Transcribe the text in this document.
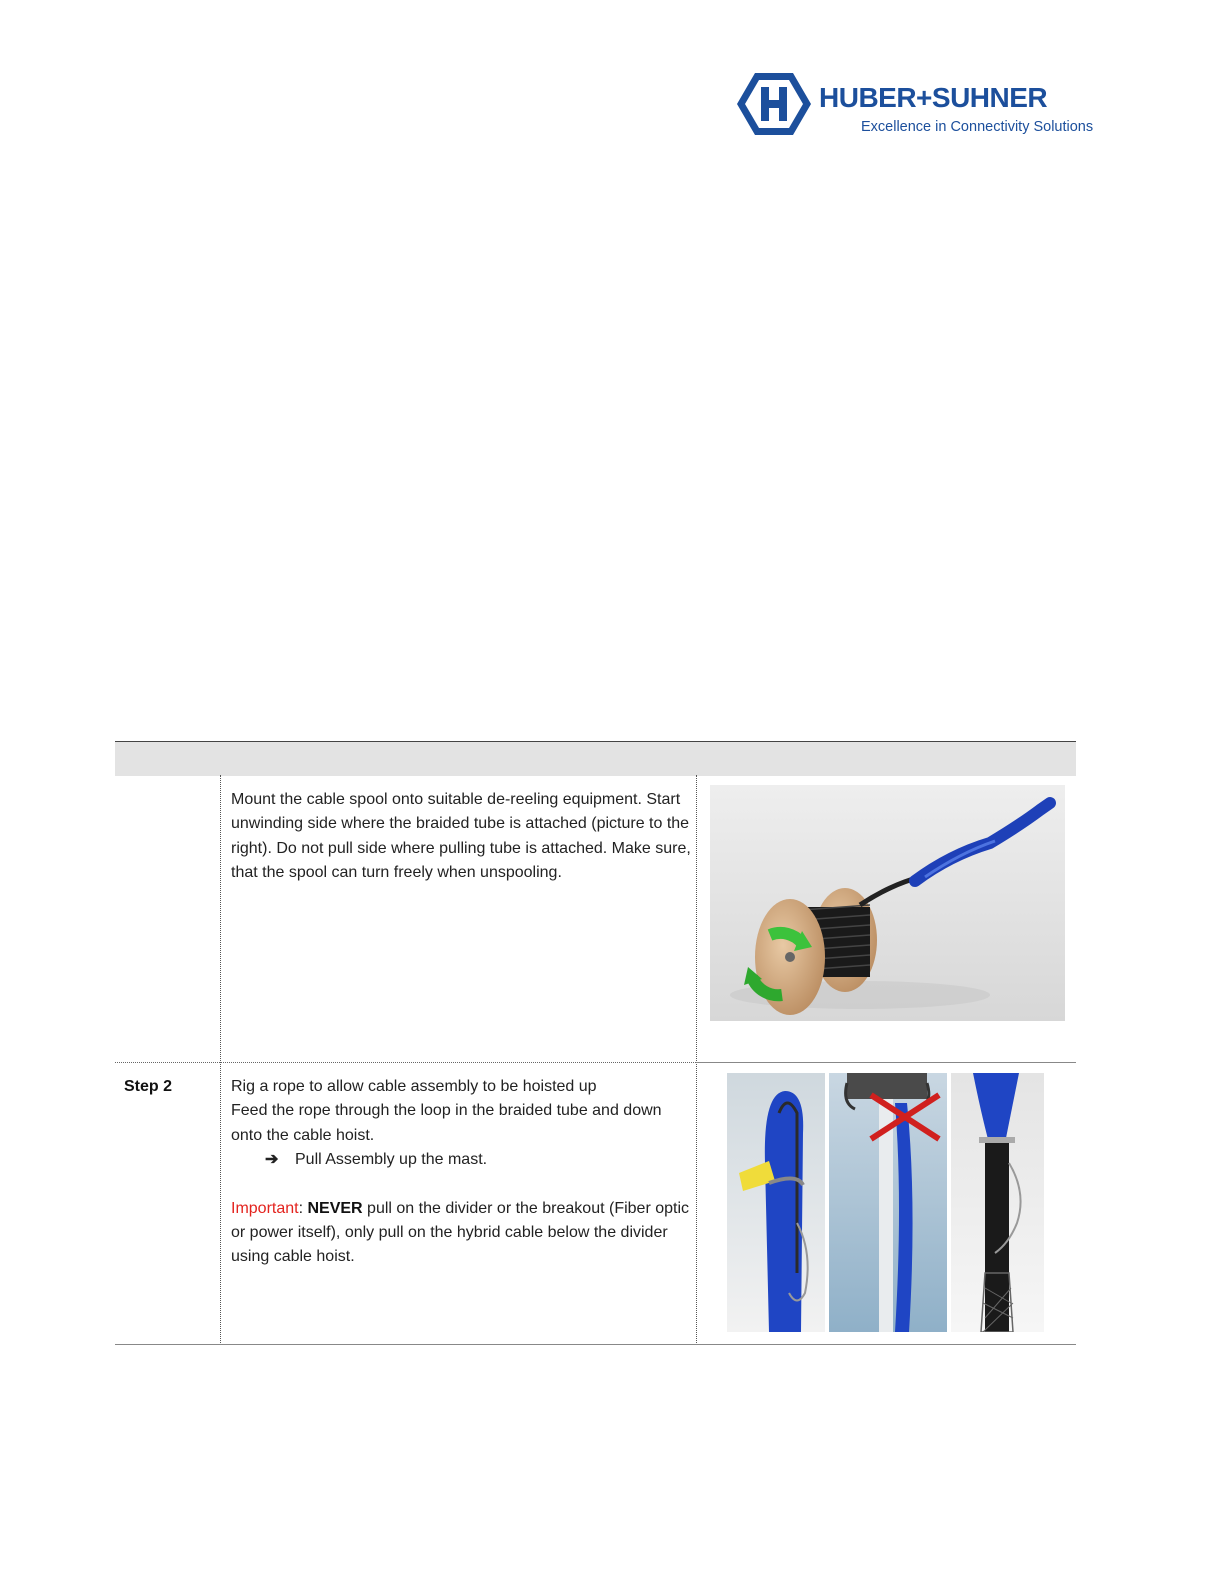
HUBER+SUHNER
Excellence in Connectivity Solutions

Mount the cable spool onto suitable de-reeling equipment. Start unwinding side where the braided tube is attached (picture to the right). Do not pull side where pulling tube is attached. Make sure, that the spool can turn freely when unspooling.

Step 2	Rig a rope to allow cable assembly to be hoisted up

Feed the rope through the loop in the braided tube and down onto the cable hoist.

➔ Pull Assembly up the mast.

Important: NEVER pull on the divider or the breakout (Fiber optic or power itself), only pull on the hybrid cable below the divider using cable hoist.
